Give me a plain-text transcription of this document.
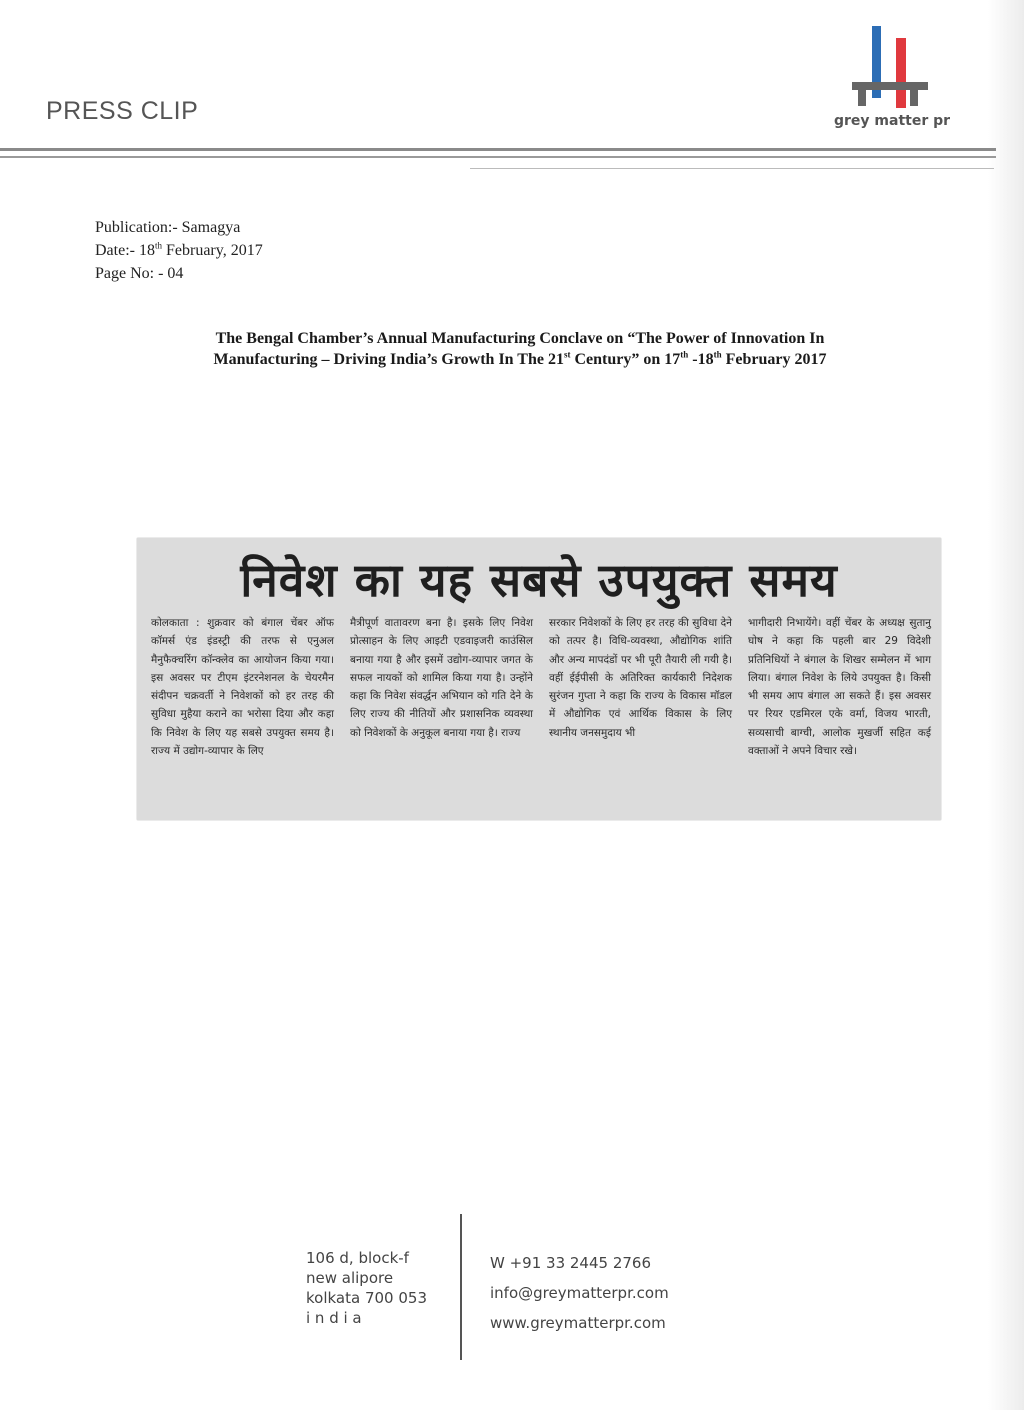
PRESS CLIP	grey matter pr
Publication:- Samagya
Date:- 18th February, 2017
Page No: - 04
The Bengal Chamber’s Annual Manufacturing Conclave on “The Power of Innovation In
Manufacturing – Driving India’s Growth In The 21st Century” on 17th -18th February 2017
निवेश का यह सबसे उपयुक्त समय
कोलकाता : शुक्रवार को बंगाल चेंबर ऑफ कॉमर्स एंड इंडस्ट्री की तरफ से एनुअल मैनुफैक्चरिंग कॉन्क्लेव का आयोजन किया गया। इस अवसर पर टीएम इंटरनेशनल के चेयरमैन संदीपन चक्रवर्ती ने निवेशकों को हर तरह की सुविधा मुहैया कराने का भरोसा दिया और कहा कि निवेश के लिए यह सबसे उपयुक्त समय है। राज्य में उद्योग-व्यापार के लिए
मैत्रीपूर्ण वातावरण बना है। इसके लिए निवेश प्रोत्साहन के लिए आइटी एडवाइजरी काउंसिल बनाया गया है और इसमें उद्योग-व्यापार जगत के सफल नायकों को शामिल किया गया है। उन्होंने कहा कि निवेश संवर्द्धन अभियान को गति देने के लिए राज्य की नीतियों और प्रशासनिक व्यवस्था को निवेशकों के अनुकूल बनाया गया है। राज्य
सरकार निवेशकों के लिए हर तरह की सुविधा देने को तत्पर है। विधि-व्यवस्था, औद्योगिक शांति और अन्य मापदंडों पर भी पूरी तैयारी ली गयी है। वहीं ईईपीसी के अतिरिक्त कार्यकारी निदेशक सुरंजन गुप्ता ने कहा कि राज्य के विकास मॉडल में औद्योगिक एवं आर्थिक विकास के लिए स्थानीय जनसमुदाय भी
भागीदारी निभायेंगे। वहीं चेंबर के अध्यक्ष सुतानु घोष ने कहा कि पहली बार 29 विदेशी प्रतिनिधियों ने बंगाल के शिखर सम्मेलन में भाग लिया। बंगाल निवेश के लिये उपयुक्त है। किसी भी समय आप बंगाल आ सकते हैं। इस अवसर पर रियर एडमिरल एके वर्मा, विजय भारती, सव्यसाची बाग्ची, आलोक मुखर्जी सहित कई वक्ताओं ने अपने विचार रखे।
106 d, block-f
new alipore
kolkata 700 053
i n d i a
W +91 33 2445 2766
info@greymatterpr.com
www.greymatterpr.com
